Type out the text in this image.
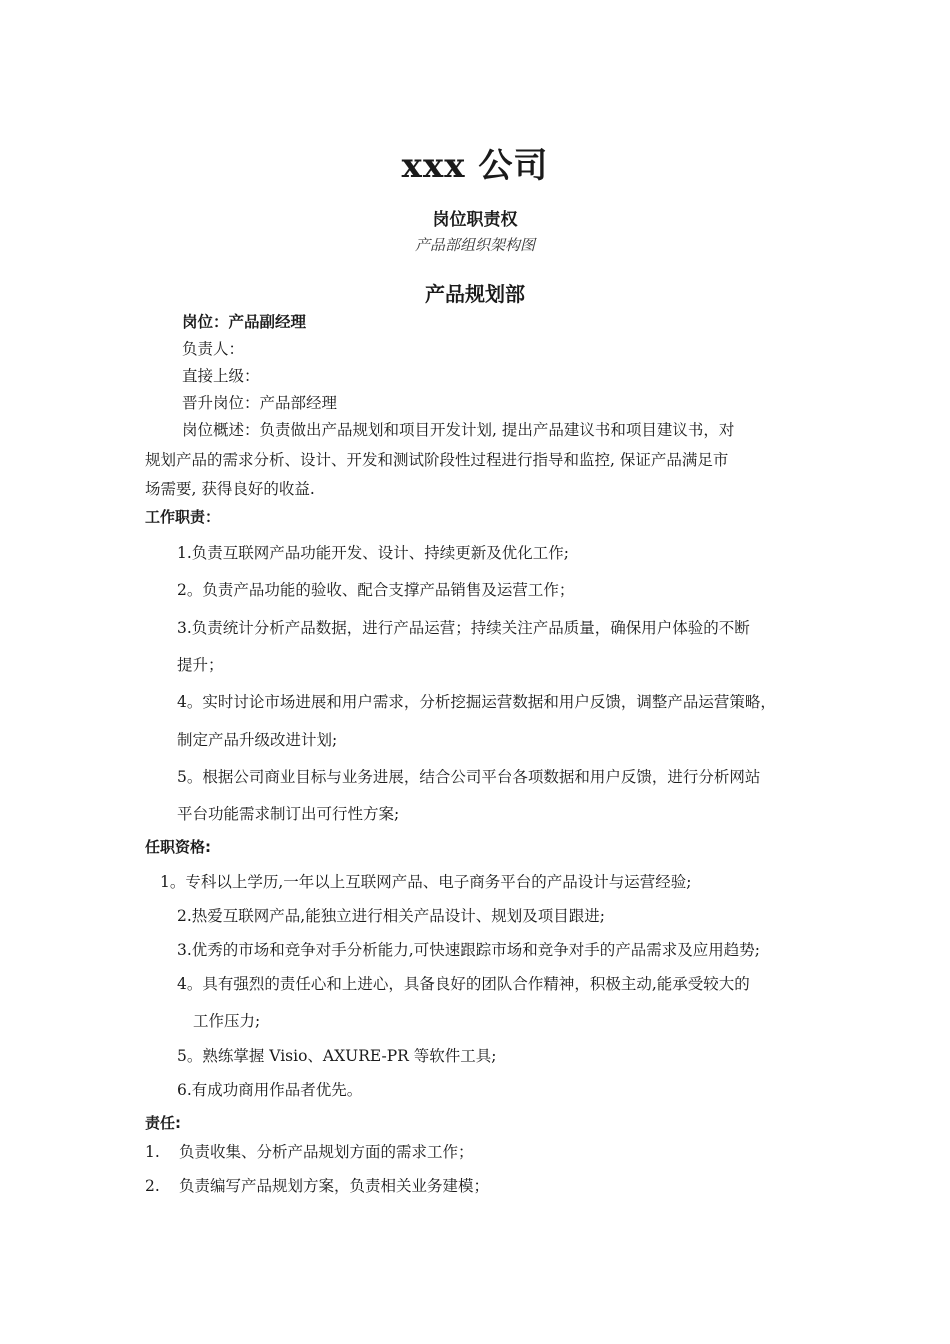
xxx 公司
岗位职责权
产品部组织架构图
产品规划部
岗位：产品副经理
负责人：
直接上级：
晋升岗位：产品部经理
岗位概述：负责做出产品规划和项目开发计划, 提出产品建议书和项目建议书，对
规划产品的需求分析、设计、开发和测试阶段性过程进行指导和监控, 保证产品满足市
场需要, 获得良好的收益.
工作职责：
1.负责互联网产品功能开发、设计、持续更新及优化工作;
2。负责产品功能的验收、配合支撑产品销售及运营工作；
3.负责统计分析产品数据，进行产品运营；持续关注产品质量，确保用户体验的不断
提升；
4。实时讨论市场进展和用户需求，分析挖掘运营数据和用户反馈，调整产品运营策略，
制定产品升级改进计划;
5。根据公司商业目标与业务进展，结合公司平台各项数据和用户反馈，进行分析网站
平台功能需求制订出可行性方案;
任职资格:
1。专科以上学历,一年以上互联网产品、电子商务平台的产品设计与运营经验;
2.热爱互联网产品,能独立进行相关产品设计、规划及项目跟进;
3.优秀的市场和竞争对手分析能力,可快速跟踪市场和竞争对手的产品需求及应用趋势;
4。具有强烈的责任心和上进心，具备良好的团队合作精神，积极主动,能承受较大的
工作压力;
5。熟练掌握 Visio、AXURE-PR 等软件工具;
6.有成功商用作品者优先。
责任:
1. 负责收集、分析产品规划方面的需求工作；
2. 负责编写产品规划方案，负责相关业务建模；
